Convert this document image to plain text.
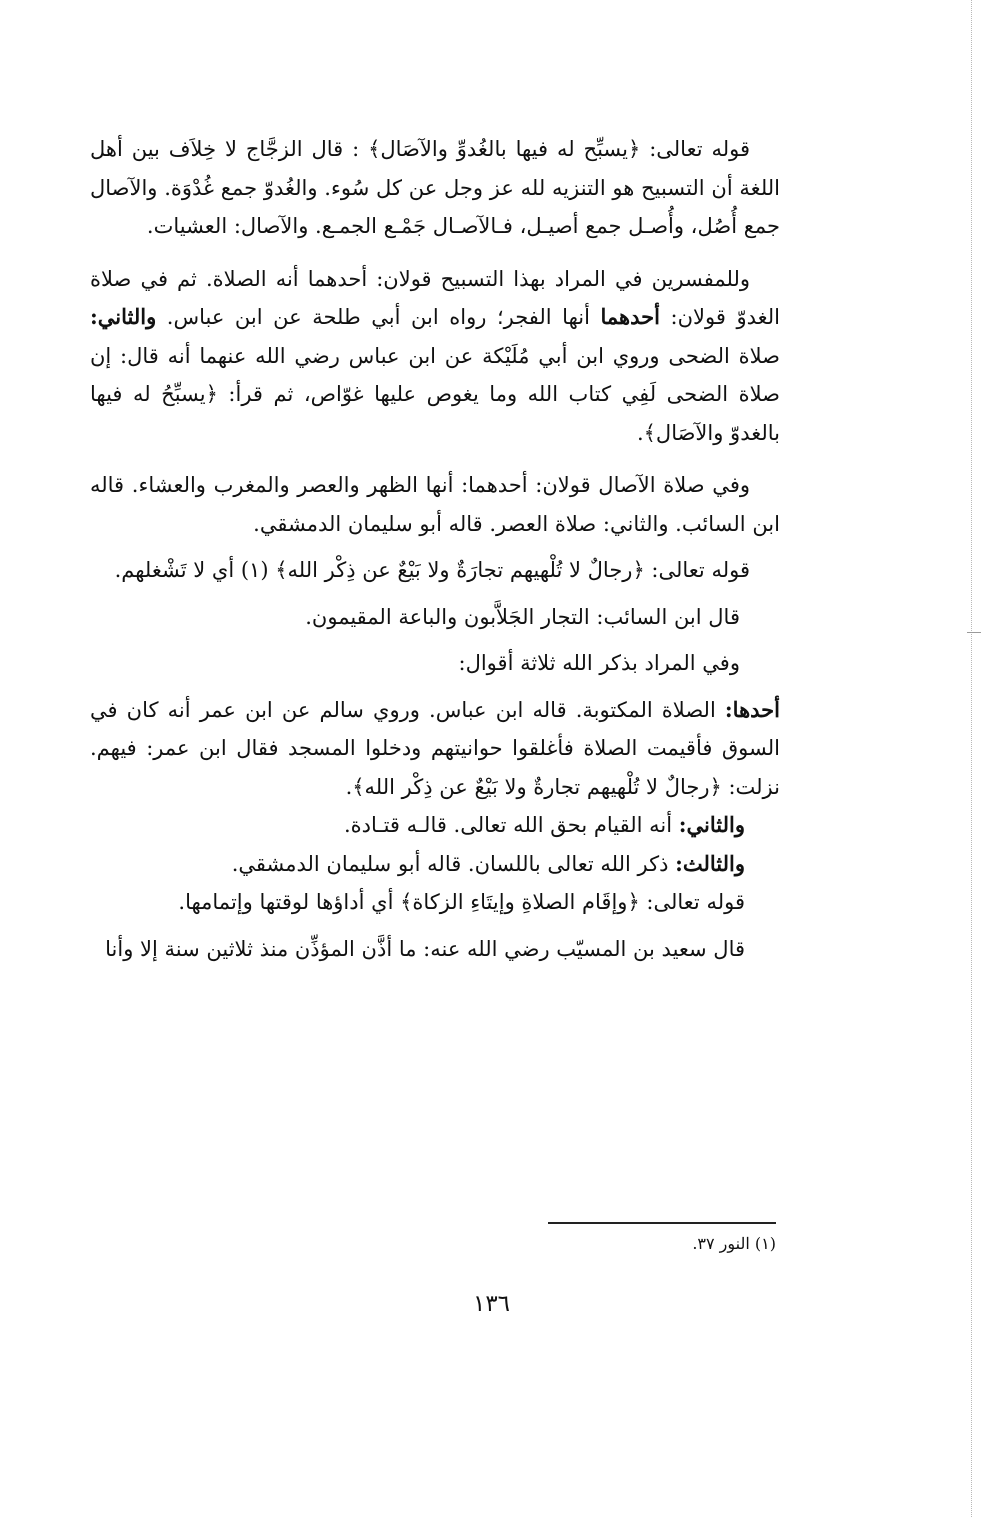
قوله تعالى: ﴿يسبِّح له فيها بالغُدوِّ والآصَال﴾ : قال الزجَّاج لا خِلاَف بين أهل اللغة أن التسبيح هو التنزيه لله عز وجل عن كل سُوء. والغُدوّ جمع غُدْوَة. والآصال جمع أُصُل، وأُصـل جمع أصيـل، فـالآصـال جَمْـع الجمـع. والآصال: العشيات.

وللمفسرين في المراد بهذا التسبيح قولان: أحدهما أنه الصلاة. ثم في صلاة الغدوّ قولان: أحدهما أنها الفجر؛ رواه ابن أبي طلحة عن ابن عباس. والثاني: صلاة الضحى وروي ابن أبي مُلَيْكة عن ابن عباس رضي الله عنهما أنه قال: إن صلاة الضحى لَفِي كتاب الله وما يغوص عليها غوّاص، ثم قرأ: ﴿يسبِّحُ له فيها بالغدوّ والآصَال﴾.

وفي صلاة الآصال قولان: أحدهما: أنها الظهر والعصر والمغرب والعشاء. قاله ابن السائب. والثاني: صلاة العصر. قاله أبو سليمان الدمشقي.

قوله تعالى: ﴿رجالٌ لا تُلْهيهم تجارَةٌ ولا بَيْعٌ عن ذِكْر الله﴾ (١) أي لا تَشْغلهم.

قال ابن السائب: التجار الجَلاَّبون والباعة المقيمون.

وفي المراد بذكر الله ثلاثة أقوال:

أحدها: الصلاة المكتوبة. قاله ابن عباس. وروي سالم عن ابن عمر أنه كان في السوق فأقيمت الصلاة فأغلقوا حوانيتهم ودخلوا المسجد فقال ابن عمر: فيهم. نزلت: ﴿رجالٌ لا تُلْهيهم تجارةٌ ولا بَيْعٌ عن ذِكْر الله﴾.

والثاني: أنه القيام بحق الله تعالى. قالـه قتـادة.

والثالث: ذكر الله تعالى باللسان. قاله أبو سليمان الدمشقي.

قوله تعالى: ﴿وإقَام الصلاةِ وإيتَاءِ الزكاة﴾ أي أداؤها لوقتها وإتمامها.

قال سعيد بن المسيّب رضي الله عنه: ما أذَّن المؤذِّن منذ ثلاثين سنة إلا وأنا

(١) النور ٣٧.
١٣٦
